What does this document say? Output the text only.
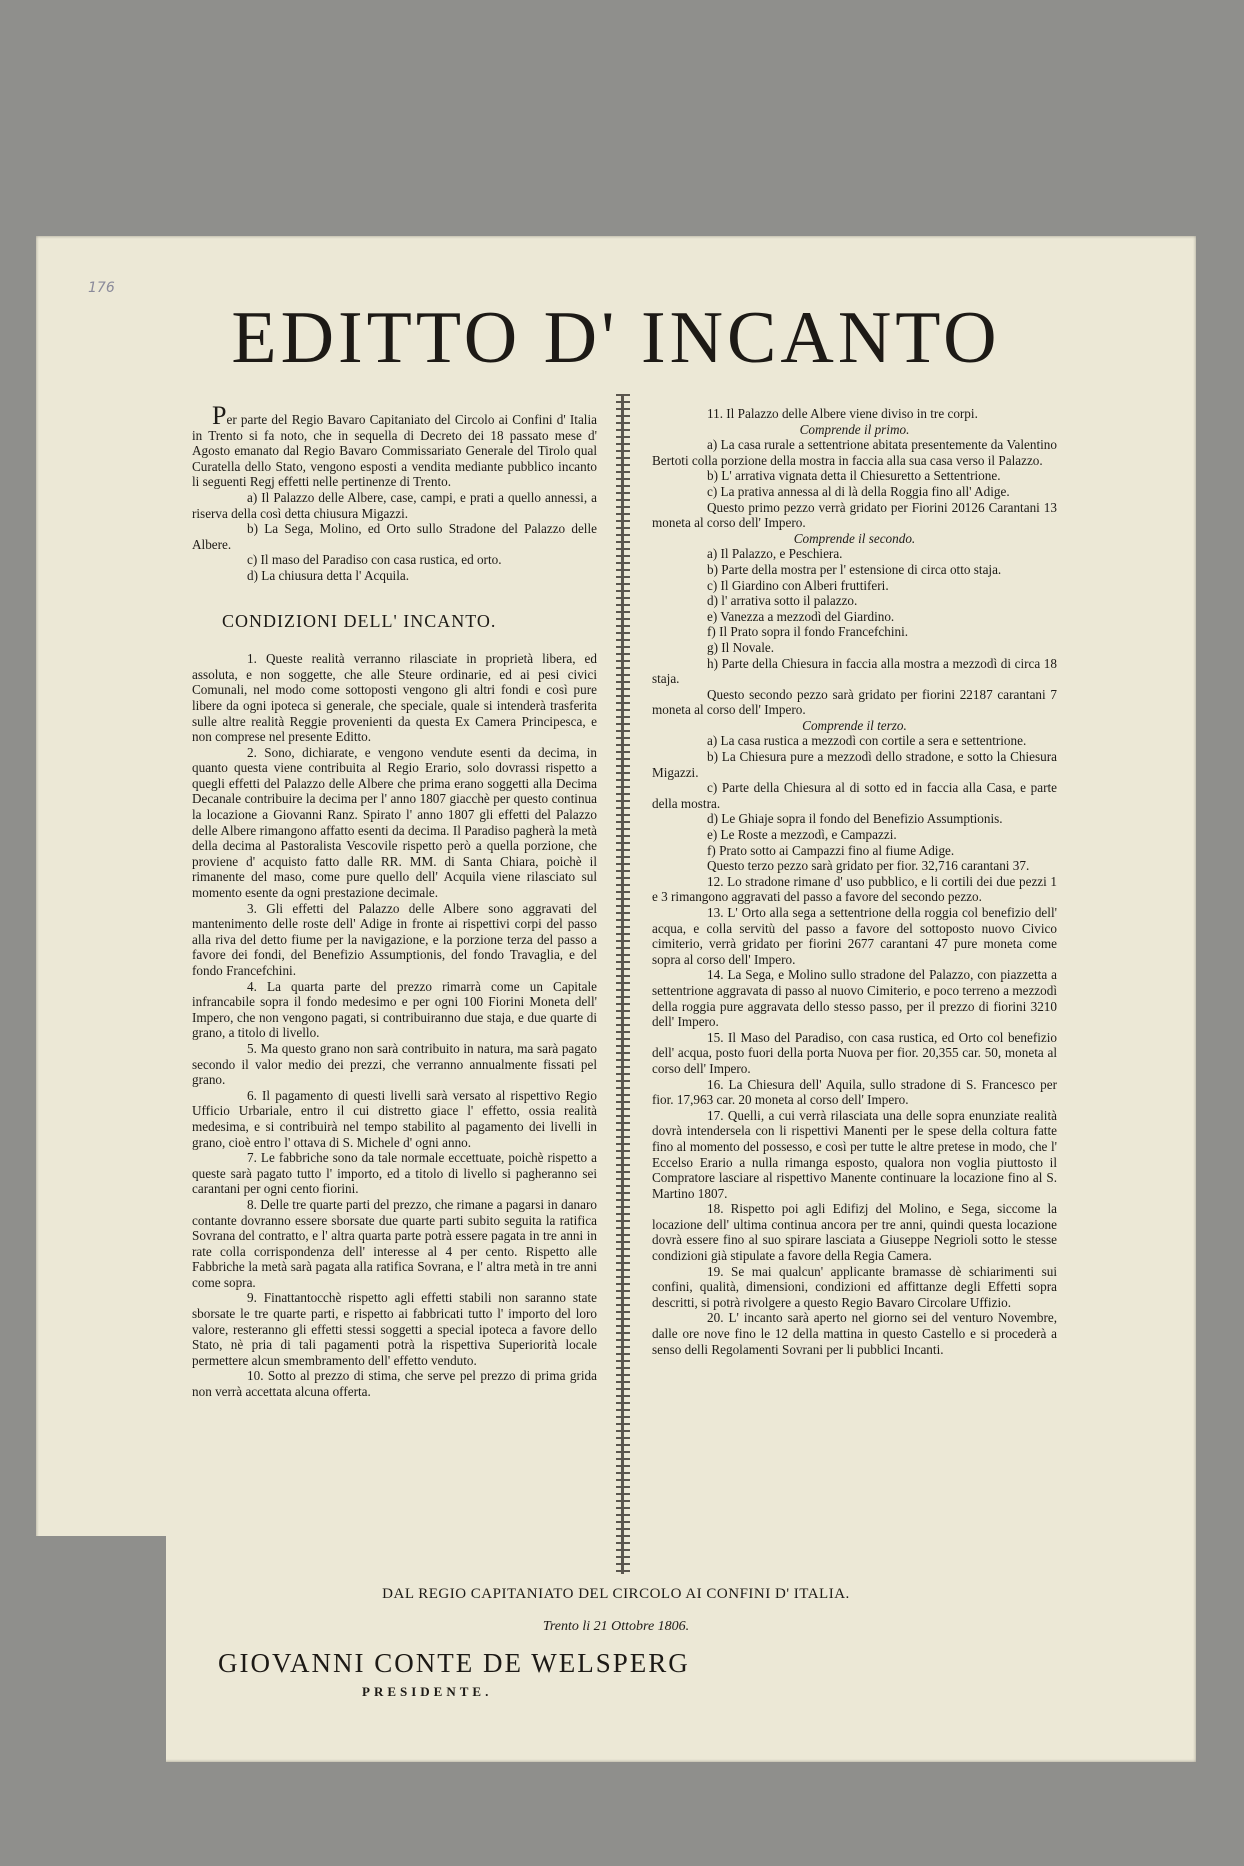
176
EDITTO D' INCANTO

Per parte del Regio Bavaro Capitaniato del Circolo ai Confini d' Italia in Trento si fa noto, che in sequella di Decreto dei 18 passato mese d' Agosto emanato dal Regio Bavaro Commissariato Generale del Tirolo qual Curatella dello Stato, vengono esposti a vendita mediante pubblico incanto li seguenti Regj effetti nelle pertinenze di Trento.

a) Il Palazzo delle Albere, case, campi, e prati a quello annessi, a riserva della così detta chiusura Migazzi.

b) La Sega, Molino, ed Orto sullo Stradone del Palazzo delle Albere.

c) Il maso del Paradiso con casa rustica, ed orto.

d) La chiusura detta l' Acquila.

CONDIZIONI DELL' INCANTO.

1. Queste realità verranno rilasciate in proprietà libera, ed assoluta, e non soggette, che alle Steure ordinarie, ed ai pesi civici Comunali, nel modo come sottoposti vengono gli altri fondi e così pure libere da ogni ipoteca si generale, che speciale, quale si intenderà trasferita sulle altre realità Reggie provenienti da questa Ex Camera Principesca, e non comprese nel presente Editto.

2. Sono, dichiarate, e vengono vendute esenti da decima, in quanto questa viene contribuita al Regio Erario, solo dovrassi rispetto a quegli effetti del Palazzo delle Albere che prima erano soggetti alla Decima Decanale contribuire la decima per l' anno 1807 giacchè per questo continua la locazione a Giovanni Ranz. Spirato l' anno 1807 gli effetti del Palazzo delle Albere rimangono affatto esenti da decima. Il Paradiso pagherà la metà della decima al Pastoralista Vescovile rispetto però a quella porzione, che proviene d' acquisto fatto dalle RR. MM. di Santa Chiara, poichè il rimanente del maso, come pure quello dell' Acquila viene rilasciato sul momento esente da ogni prestazione decimale.

3. Gli effetti del Palazzo delle Albere sono aggravati del mantenimento delle roste dell' Adige in fronte ai rispettivi corpi del passo alla riva del detto fiume per la navigazione, e la porzione terza del passo a favore dei fondi, del Benefizio Assumptionis, del fondo Travaglia, e del fondo Francefchini.

4. La quarta parte del prezzo rimarrà come un Capitale infrancabile sopra il fondo medesimo e per ogni 100 Fiorini Moneta dell' Impero, che non vengono pagati, si contribuiranno due staja, e due quarte di grano, a titolo di livello.

5. Ma questo grano non sarà contribuito in natura, ma sarà pagato secondo il valor medio dei prezzi, che verranno annualmente fissati pel grano.

6. Il pagamento di questi livelli sarà versato al rispettivo Regio Ufficio Urbariale, entro il cui distretto giace l' effetto, ossia realità medesima, e si contribuirà nel tempo stabilito al pagamento dei livelli in grano, cioè entro l' ottava di S. Michele d' ogni anno.

7. Le fabbriche sono da tale normale eccettuate, poichè rispetto a queste sarà pagato tutto l' importo, ed a titolo di livello si pagheranno sei carantani per ogni cento fiorini.

8. Delle tre quarte parti del prezzo, che rimane a pagarsi in danaro contante dovranno essere sborsate due quarte parti subito seguita la ratifica Sovrana del contratto, e l' altra quarta parte potrà essere pagata in tre anni in rate colla corrispondenza dell' interesse al 4 per cento. Rispetto alle Fabbriche la metà sarà pagata alla ratifica Sovrana, e l' altra metà in tre anni come sopra.

9. Finattantocchè rispetto agli effetti stabili non saranno state sborsate le tre quarte parti, e rispetto ai fabbricati tutto l' importo del loro valore, resteranno gli effetti stessi soggetti a special ipoteca a favore dello Stato, nè pria di tali pagamenti potrà la rispettiva Superiorità locale permettere alcun smembramento dell' effetto venduto.

10. Sotto al prezzo di stima, che serve pel prezzo di prima grida non verrà accettata alcuna offerta.

11. Il Palazzo delle Albere viene diviso in tre corpi.

Comprende il primo.

a) La casa rurale a settentrione abitata presentemente da Valentino Bertoti colla porzione della mostra in faccia alla sua casa verso il Palazzo.

b) L' arrativa vignata detta il Chiesuretto a Settentrione.

c) La prativa annessa al di là della Roggia fino all' Adige.

Questo primo pezzo verrà gridato per Fiorini 20126 Carantani 13 moneta al corso dell' Impero.

Comprende il secondo.

a) Il Palazzo, e Peschiera.

b) Parte della mostra per l' estensione di circa otto staja.

c) Il Giardino con Alberi fruttiferi.

d) l' arrativa sotto il palazzo.

e) Vanezza a mezzodì del Giardino.

f) Il Prato sopra il fondo Francefchini.

g) Il Novale.

h) Parte della Chiesura in faccia alla mostra a mezzodì di circa 18 staja.

Questo secondo pezzo sarà gridato per fiorini 22187 carantani 7 moneta al corso dell' Impero.

Comprende il terzo.

a) La casa rustica a mezzodì con cortile a sera e settentrione.

b) La Chiesura pure a mezzodì dello stradone, e sotto la Chiesura Migazzi.

c) Parte della Chiesura al di sotto ed in faccia alla Casa, e parte della mostra.

d) Le Ghiaje sopra il fondo del Benefizio Assumptionis.

e) Le Roste a mezzodì, e Campazzi.

f) Prato sotto ai Campazzi fino al fiume Adige.

Questo terzo pezzo sarà gridato per fior. 32,716 carantani 37.

12. Lo stradone rimane d' uso pubblico, e li cortili dei due pezzi 1 e 3 rimangono aggravati del passo a favore del secondo pezzo.

13. L' Orto alla sega a settentrione della roggia col benefizio dell' acqua, e colla servitù del passo a favore del sottoposto nuovo Civico cimiterio, verrà gridato per fiorini 2677 carantani 47 pure moneta come sopra al corso dell' Impero.

14. La Sega, e Molino sullo stradone del Palazzo, con piazzetta a settentrione aggravata di passo al nuovo Cimiterio, e poco terreno a mezzodì della roggia pure aggravata dello stesso passo, per il prezzo di fiorini 3210 dell' Impero.

15. Il Maso del Paradiso, con casa rustica, ed Orto col benefizio dell' acqua, posto fuori della porta Nuova per fior. 20,355 car. 50, moneta al corso dell' Impero.

16. La Chiesura dell' Aquila, sullo stradone di S. Francesco per fior. 17,963 car. 20 moneta al corso dell' Impero.

17. Quelli, a cui verrà rilasciata una delle sopra enunziate realità dovrà intendersela con li rispettivi Manenti per le spese della coltura fatte fino al momento del possesso, e così per tutte le altre pretese in modo, che l' Eccelso Erario a nulla rimanga esposto, qualora non voglia piuttosto il Compratore lasciare al rispettivo Manente continuare la locazione fino al S. Martino 1807.

18. Rispetto poi agli Edifizj del Molino, e Sega, siccome la locazione dell' ultima continua ancora per tre anni, quindi questa locazione dovrà essere fino al suo spirare lasciata a Giuseppe Negrioli sotto le stesse condizioni già stipulate a favore della Regia Camera.

19. Se mai qualcun' applicante bramasse dè schiarimenti sui confini, qualità, dimensioni, condizioni ed affittanze degli Effetti sopra descritti, si potrà rivolgere a questo Regio Bavaro Circolare Uffizio.

20. L' incanto sarà aperto nel giorno sei del venturo Novembre, dalle ore nove fino le 12 della mattina in questo Castello e si procederà a senso delli Regolamenti Sovrani per li pubblici Incanti.

DAL REGIO CAPITANIATO DEL CIRCOLO AI CONFINI D' ITALIA.
Trento li 21 Ottobre 1806.
GIOVANNI CONTE DE WELSPERG
PRESIDENTE.
